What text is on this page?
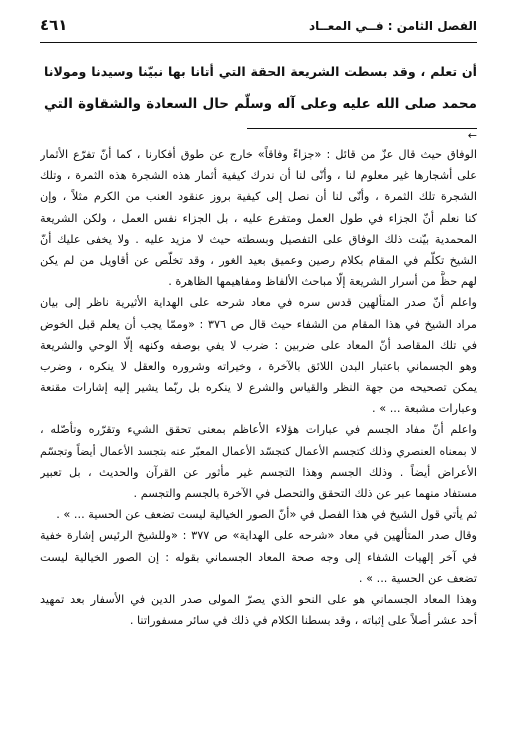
الفصل الثامن : فــي المعــاد
٤٦١
أن تعلم ، وقد بسطت الشريعة الحقة التي أتانا بها نبيّنا وسيدنا ومولانا
محمد صلى الله عليه وعلى آله وسلّم حال السعادة والشقاوة التي
←
الوفاق حيث قال عزّ من قائل : «جزاءً وفاقاً» خارج عن طوق أفكارنا ، كما أنّ تفرّع الأثمار
على أشجارها غير معلوم لنا ، وأنّى لنا أن ندرك كيفية أثمار هذه الشجرة هذه الثمرة ، وتلك
الشجرة تلك الثمرة ، وأنّى لنا أن نصل إلى كيفية بروز عنقود العنب من الكرم مثلاً ، وإن
كنا نعلم أنّ الجزاء في طول العمل ومتفرع عليه ، بل الجزاء نفس العمل ، ولكن الشريعة
المحمدية بيّنت ذلك الوفاق على التفصيل وبسطته حيث لا مزيد عليه . ولا يخفى عليك أنّ
الشيخ تكلّم في المقام بكلام رصين وعميق بعيد الغور ، وقد تخلّص عن أقاويل من لم يكن
لهم حظٌّ من أسرار الشريعة إلّا مباحث الألفاظ ومفاهيمها الظاهرة .
واعلم أنّ صدر المتألهين قدس سره في معاد شرحه على الهداية الأثيرية ناظر إلى بيان
مراد الشيخ في هذا المقام من الشفاء حيث قال ص ٣٧٦ : «وممّا يجب أن يعلم قبل الخوض
في تلك المقاصد أنّ المعاد على ضربين : ضرب لا يفي بوصفه وكنهه إلّا الوحي والشريعة
وهو الجسماني باعتبار البدن اللائق بالآخرة ، وخيراته وشروره والعقل لا ينكره ، وضرب
يمكن تصحيحه من جهة النظر والقياس والشرع لا ينكره بل ربّما يشير إليه إشارات مقنعة
وعبارات مشبعة ... » .
واعلم أنّ مفاد الجسم في عبارات هؤلاء الأعاظم بمعنى تحقق الشيء وتقرّره وتأصّله ،
لا بمعناه العنصري وذلك كتجسم الأعمال كتجسّد الأعمال المعبّر عنه بتجسد الأعمال أيضاً وتجسّم
الأعراض أيضاً . وذلك الجسم وهذا التجسم غير مأثور عن القرآن والحديث ، بل تعبير
مستفاد منهما عبر عن ذلك التحقق والتحصل في الآخرة بالجسم والتجسم .
ثم يأتي قول الشيخ في هذا الفصل في «أنّ الصور الخيالية ليست تضعف عن الحسية ... » .
وقال صدر المتألهين في معاد «شرحه على الهداية» ص ٣٧٧ : «وللشيخ الرئيس إشارة خفية
في آخر إلهيات الشفاء إلى وجه صحة المعاد الجسماني بقوله : إن الصور الخيالية ليست
تضعف عن الحسية ... » .
وهذا المعاد الجسماني هو على النحو الذي يصرّ المولى صدر الدين في الأسفار بعد تمهيد
أحد عشر أصلاً على إثباته ، وقد بسطنا الكلام في ذلك في سائر مسفوراتنا .
